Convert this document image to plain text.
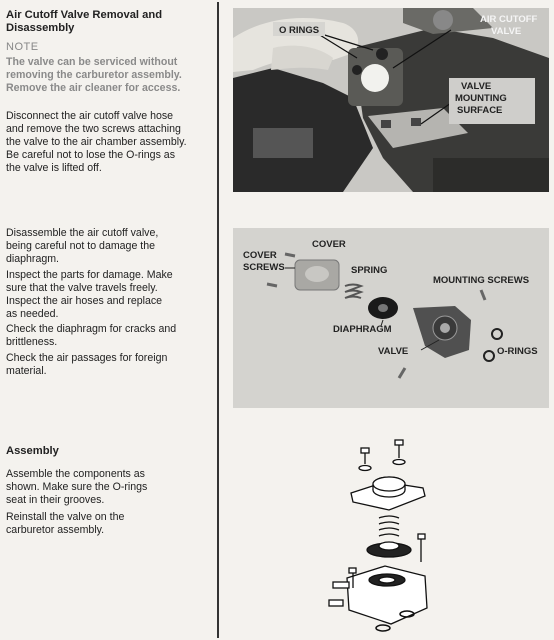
Air Cutoff Valve Removal and
Disassembly
NOTE
The valve can be serviced without
removing the carburetor assembly.
Remove the air cleaner for access.
Disconnect the air cutoff valve hose
and remove the two screws attaching
the valve to the air chamber assembly.
Be careful not to lose the O-rings as
the valve is lifted off.
Disassemble the air cutoff valve,
being careful not to damage the
diaphragm.
Inspect the parts for damage. Make
sure that the valve travels freely.
Inspect the air hoses and replace
as needed.
Check the diaphragm for cracks and
brittleness.
Check the air passages for foreign
material.
Assembly
Assemble the components as
shown. Make sure the O-rings
seat in their grooves.
Reinstall the valve on the
carburetor assembly.
O RINGS
AIR CUTOFF
VALVE
VALVE
MOUNTING
SURFACE
COVER
COVER
SCREWS	SPRING
MOUNTING SCREWS
DIAPHRAGM
VALVE	O-RINGS
